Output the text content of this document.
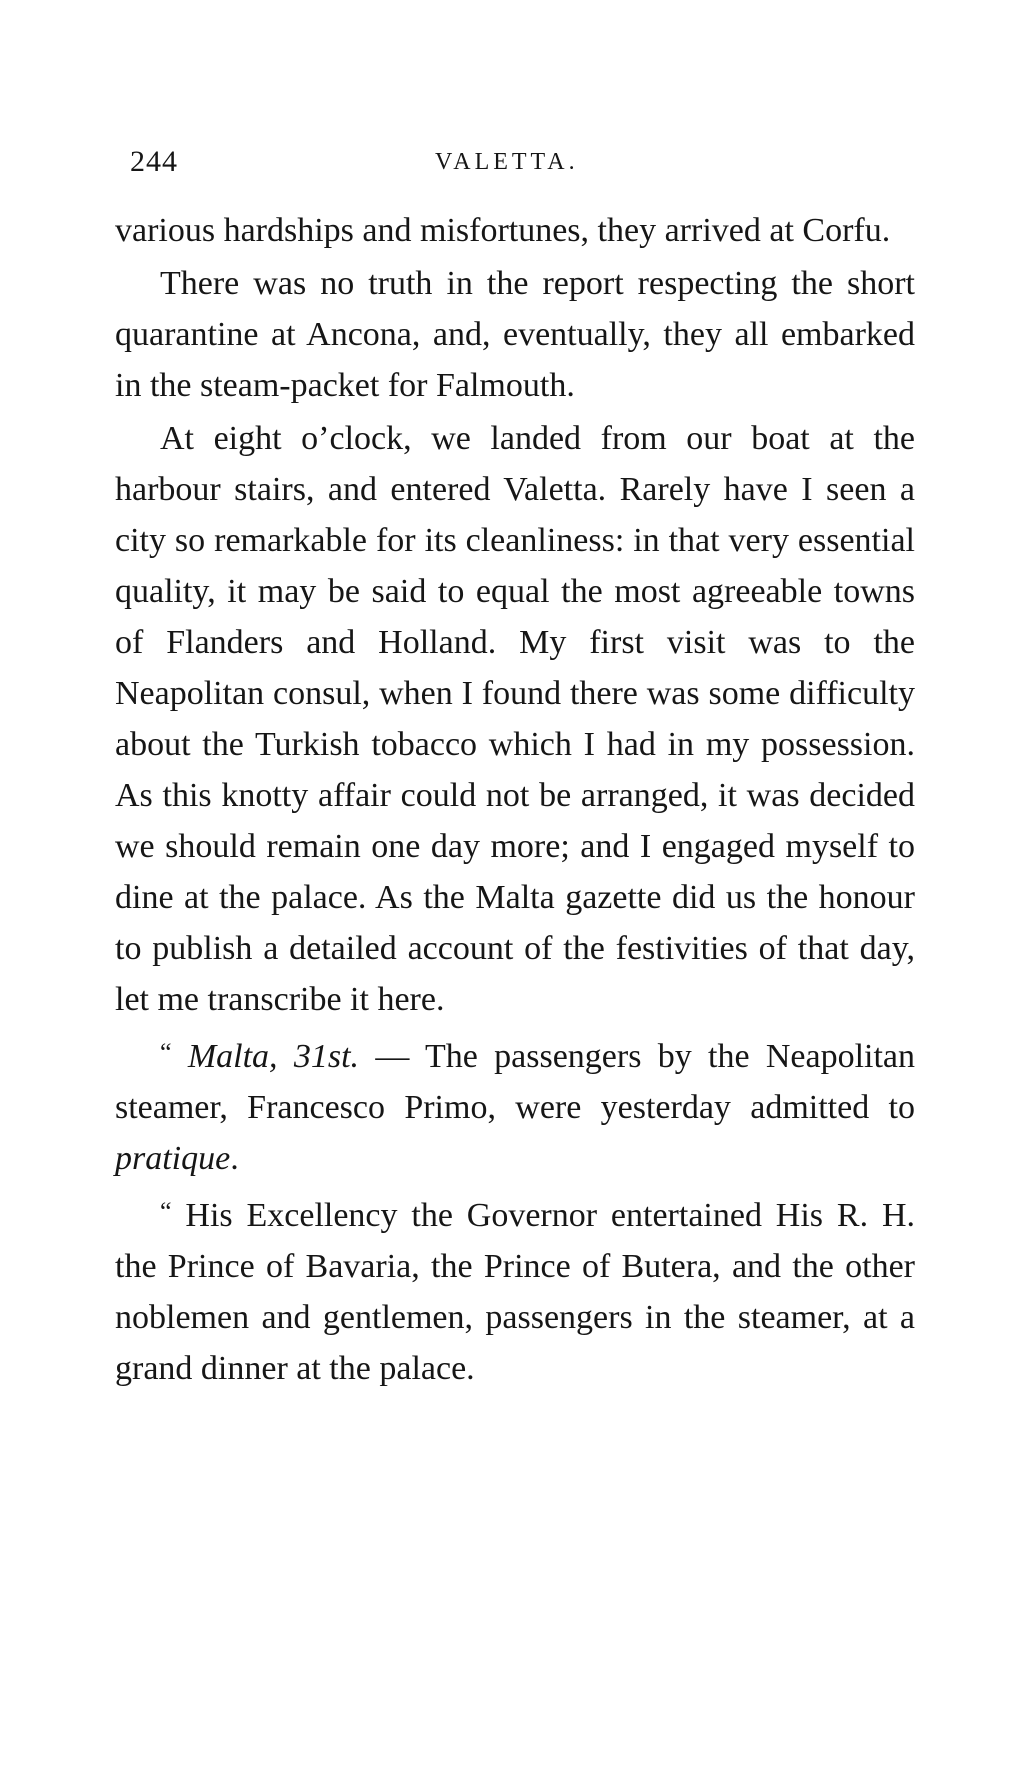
244	VALETTA.

various hardships and misfortunes, they arrived at Corfu.

There was no truth in the report respecting the short quarantine at Ancona, and, eventually, they all embarked in the steam-packet for Falmouth.

At eight o’clock, we landed from our boat at the harbour stairs, and entered Valetta. Rarely have I seen a city so remarkable for its cleanliness: in that very essential quality, it may be said to equal the most agreeable towns of Flanders and Holland. My first visit was to the Neapolitan consul, when I found there was some difficulty about the Turkish tobacco which I had in my possession. As this knotty affair could not be arranged, it was decided we should remain one day more; and I engaged myself to dine at the palace. As the Malta gazette did us the honour to publish a detailed account of the festivities of that day, let me transcribe it here.

“ Malta, 31st. — The passengers by the Neapolitan steamer, Francesco Primo, were yesterday admitted to pratique.

“ His Excellency the Governor entertained His R. H. the Prince of Bavaria, the Prince of Butera, and the other noblemen and gentlemen, passengers in the steamer, at a grand dinner at the palace.
